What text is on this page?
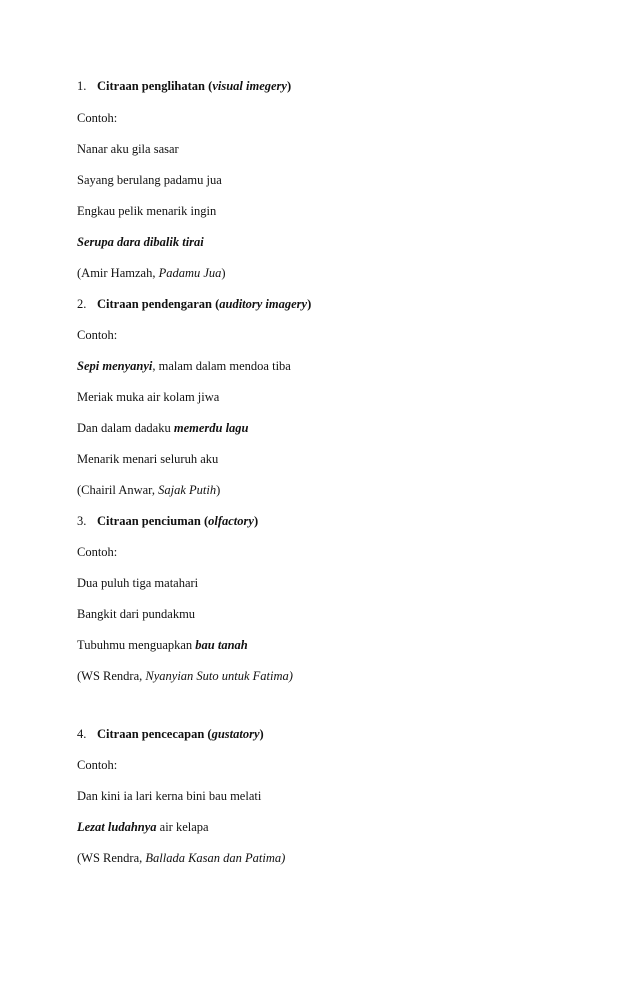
1. Citraan penglihatan (visual imegery)
Contoh:
Nanar aku gila sasar
Sayang berulang padamu jua
Engkau pelik menarik ingin
Serupa dara dibalik tirai
(Amir Hamzah, Padamu Jua)
2. Citraan pendengaran (auditory imagery)
Contoh:
Sepi menyanyi, malam dalam mendoa tiba
Meriak muka air kolam jiwa
Dan dalam dadaku memerdu lagu
Menarik menari seluruh aku
(Chairil Anwar, Sajak Putih)
3. Citraan penciuman (olfactory)
Contoh:
Dua puluh tiga matahari
Bangkit dari pundakmu
Tubuhmu menguapkan bau tanah
(WS Rendra, Nyanyian Suto untuk Fatima)
4. Citraan pencecapan (gustatory)
Contoh:
Dan kini ia lari kerna bini bau melati
Lezat ludahnya air kelapa
(WS Rendra, Ballada Kasan dan Patima)
